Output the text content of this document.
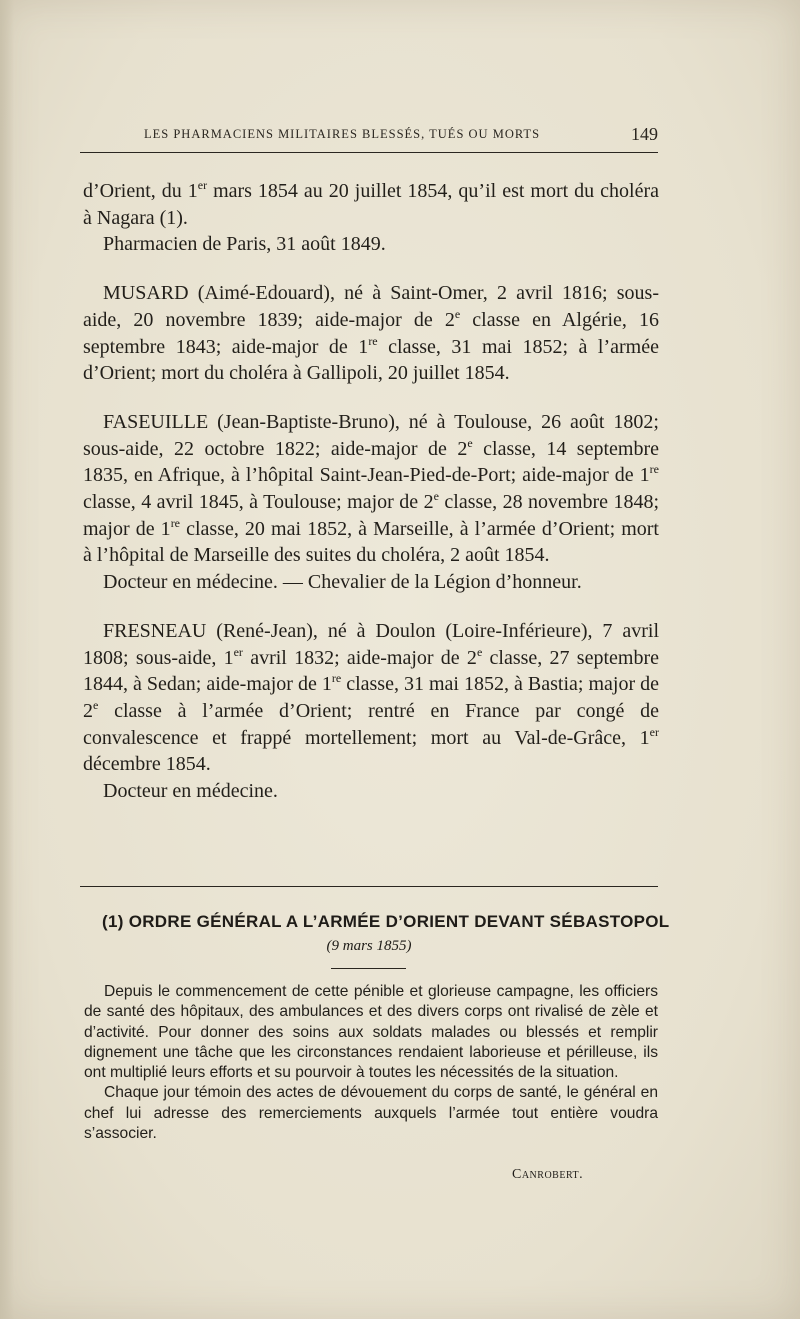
LES PHARMACIENS MILITAIRES BLESSÉS, TUÉS OU MORTS	149

d’Orient, du 1er mars 1854 au 20 juillet 1854, qu’il est mort du choléra à Nagara (1).

Pharmacien de Paris, 31 août 1849.

MUSARD (Aimé-Edouard), né à Saint-Omer, 2 avril 1816; sous-aide, 20 novembre 1839; aide-major de 2e classe en Algérie, 16 septembre 1843; aide-major de 1re classe, 31 mai 1852; à l’armée d’Orient; mort du choléra à Gallipoli, 20 juillet 1854.

FASEUILLE (Jean-Baptiste-Bruno), né à Toulouse, 26 août 1802; sous-aide, 22 octobre 1822; aide-major de 2e classe, 14 septembre 1835, en Afrique, à l’hôpital Saint-Jean-Pied-de-Port; aide-major de 1re classe, 4 avril 1845, à Toulouse; major de 2e classe, 28 novembre 1848; major de 1re classe, 20 mai 1852, à Marseille, à l’armée d’Orient; mort à l’hôpital de Marseille des suites du choléra, 2 août 1854.

Docteur en médecine. — Chevalier de la Légion d’honneur.

FRESNEAU (René-Jean), né à Doulon (Loire-Inférieure), 7 avril 1808; sous-aide, 1er avril 1832; aide-major de 2e classe, 27 septembre 1844, à Sedan; aide-major de 1re classe, 31 mai 1852, à Bastia; major de 2e classe à l’armée d’Orient; rentré en France par congé de convalescence et frappé mortellement; mort au Val-de-Grâce, 1er décembre 1854.

Docteur en médecine.

(1) ORDRE GÉNÉRAL A L’ARMÉE D’ORIENT DEVANT SÉBASTOPOL
(9 mars 1855)

Depuis le commencement de cette pénible et glorieuse campagne, les officiers de santé des hôpitaux, des ambulances et des divers corps ont rivalisé de zèle et d’activité. Pour donner des soins aux soldats malades ou blessés et remplir dignement une tâche que les circonstances rendaient laborieuse et périlleuse, ils ont multiplié leurs efforts et su pourvoir à toutes les nécessités de la situation.

Chaque jour témoin des actes de dévouement du corps de santé, le général en chef lui adresse des remerciements auxquels l’armée tout entière voudra s’associer.

Canrobert.
